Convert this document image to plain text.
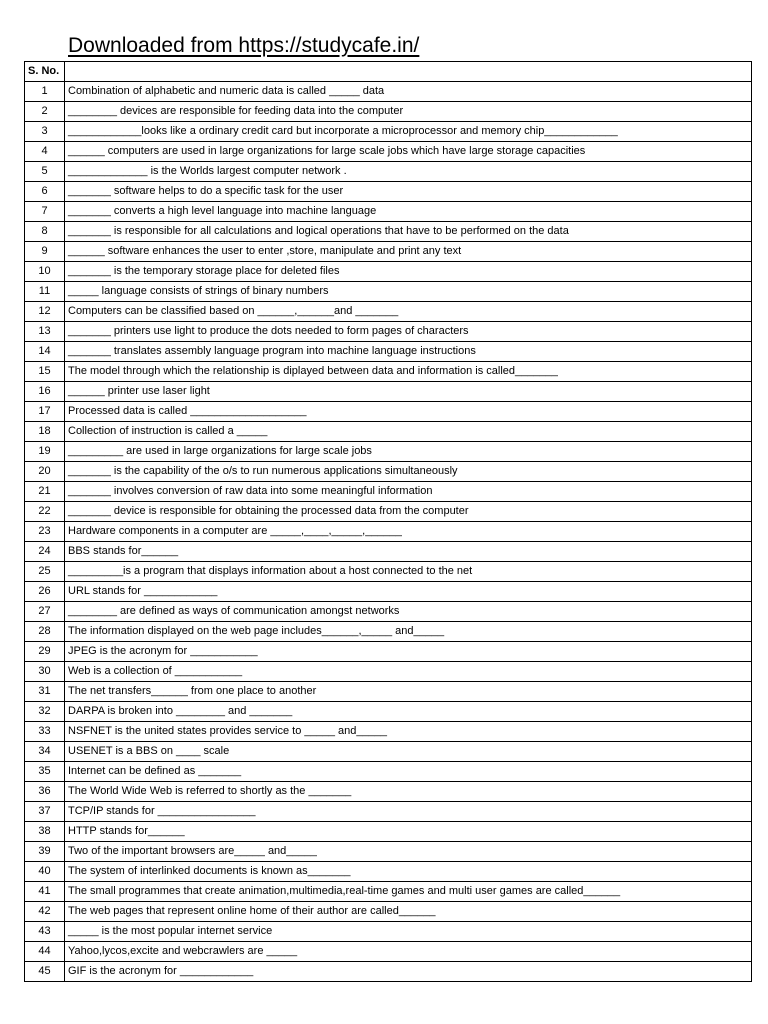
Downloaded from https://studycafe.in/
S. No.	
1	Combination of alphabetic and numeric data is called _____ data
2	________ devices are responsible for feeding data into the computer
3	____________looks like a ordinary credit card but incorporate a microprocessor and memory chip____________
4	______ computers are used in large organizations for large scale jobs which have large storage capacities
5	_____________ is the Worlds largest computer network .
6	_______ software helps to do a specific task for the user
7	_______ converts a high level language into machine language
8	_______ is responsible for all calculations and logical operations that have to be performed on the data
9	______ software enhances the user to enter ,store, manipulate and print any text
10	_______ is the temporary storage place for deleted files
11	_____ language consists of strings of binary numbers
12	Computers can be classified based on ______,______and _______
13	_______ printers use light to produce the dots needed to form pages of characters
14	_______ translates assembly language program into machine language instructions
15	The model through which the relationship is diplayed between data and information is called_______
16	______ printer use laser light
17	Processed data is called ___________________
18	Collection of instruction is called a _____
19	_________ are used in large organizations for large scale jobs
20	_______ is the capability of the o/s to run numerous applications simultaneously
21	_______ involves conversion of raw data into some meaningful information
22	_______ device is responsible for obtaining the processed data from the computer
23	Hardware components in a computer are _____,____,_____,______
24	BBS stands for______
25	_________is a program that displays information about a host connected to the net
26	URL stands for ____________
27	________ are defined as ways of communication amongst networks
28	The information displayed on the web page includes______,_____ and_____
29	JPEG is the acronym for ___________
30	Web is a collection of ___________
31	The net transfers______ from one place to another
32	DARPA is broken into ________ and _______
33	NSFNET is the united states provides service to _____ and_____
34	USENET is a BBS on ____ scale
35	Internet can be defined as _______
36	The World Wide Web is referred to shortly as the _______
37	TCP/IP stands for ________________
38	HTTP stands for______
39	Two of the important browsers are_____ and_____
40	The system of interlinked documents is known as_______
41	The small programmes that create animation,multimedia,real-time games and multi user games are called______
42	The web pages that represent online home of their author are called______
43	_____ is the most popular internet service
44	Yahoo,lycos,excite and webcrawlers are _____
45	GIF is the acronym for ____________
